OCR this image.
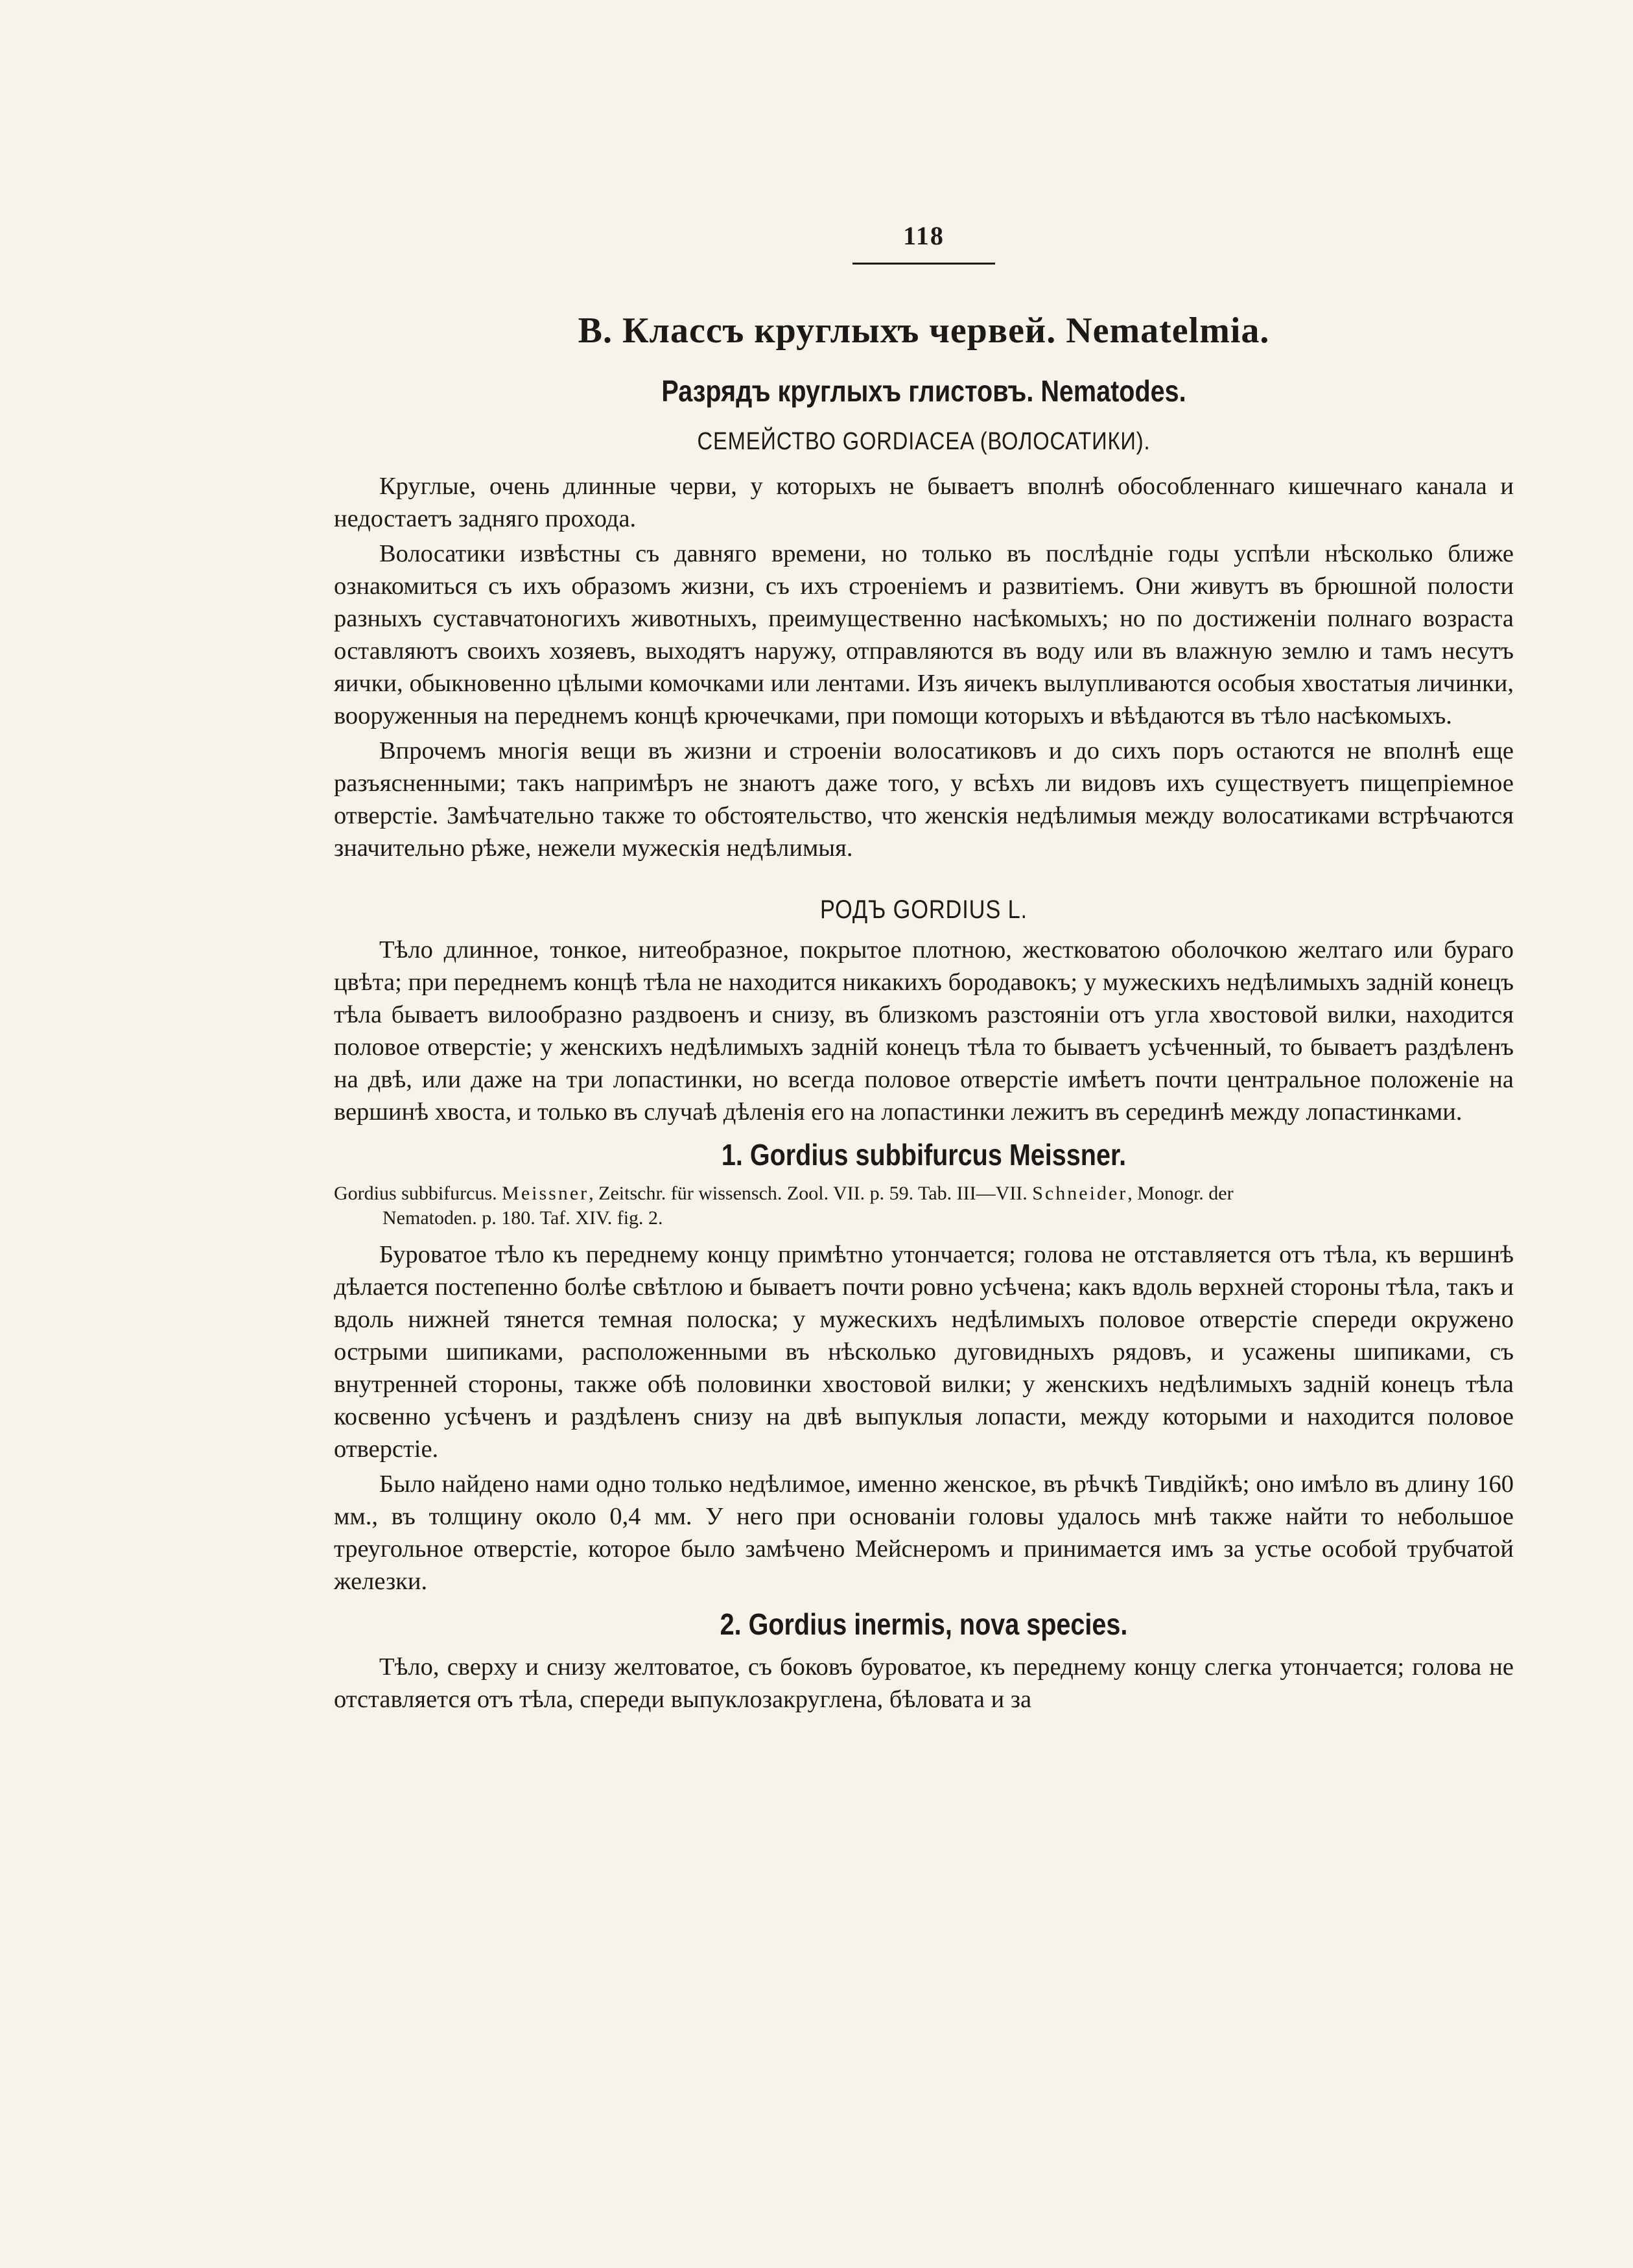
118
В. Классъ круглыхъ червей. Nematelmia.
Разрядъ круглыхъ глистовъ. Nematodes.
СЕМЕЙСТВО GORDIACEA (ВОЛОСАТИКИ).

Круглые, очень длинные черви, у которыхъ не бываетъ вполнѣ обособленнаго кишечнаго канала и недостаетъ задняго прохода.

Волосатики извѣстны съ давняго времени, но только въ послѣдніе годы успѣли нѣсколько ближе ознакомиться съ ихъ образомъ жизни, съ ихъ строеніемъ и развитіемъ. Они живутъ въ брюшной полости разныхъ суставчатоногихъ животныхъ, преимущественно насѣкомыхъ; но по достиженіи полнаго возраста оставляютъ своихъ хозяевъ, выходятъ наружу, отправляются въ воду или въ влажную землю и тамъ несутъ яички, обыкновенно цѣлыми комочками или лентами. Изъ яичекъ вылупливаются особыя хвостатыя личинки, вооруженныя на переднемъ концѣ крючечками, при помощи которыхъ и вѣѣдаются въ тѣло насѣкомыхъ.

Впрочемъ многія вещи въ жизни и строеніи волосатиковъ и до сихъ поръ остаются не вполнѣ еще разъясненными; такъ напримѣръ не знаютъ даже того, у всѣхъ ли видовъ ихъ существуетъ пищепріемное отверстіе. Замѣчательно также то обстоятельство, что женскія недѣлимыя между волосатиками встрѣчаются значительно рѣже, нежели мужескія недѣлимыя.

РОДЪ GORDIUS L.

Тѣло длинное, тонкое, нитеобразное, покрытое плотною, жестковатою оболочкою желтаго или бураго цвѣта; при переднемъ концѣ тѣла не находится никакихъ бородавокъ; у мужескихъ недѣлимыхъ задній конецъ тѣла бываетъ вилообразно раздвоенъ и снизу, въ близкомъ разстояніи отъ угла хвостовой вилки, находится половое отверстіе; у женскихъ недѣлимыхъ задній конецъ тѣла то бываетъ усѣченный, то бываетъ раздѣленъ на двѣ, или даже на три лопастинки, но всегда половое отверстіе имѣетъ почти центральное положеніе на вершинѣ хвоста, и только въ случаѣ дѣленія его на лопастинки лежитъ въ серединѣ между лопастинками.

1. Gordius subbifurcus Meissner.
Gordius subbifurcus. Meissner, Zeitschr. für wissensch. Zool. VII. p. 59. Tab. III—VII. Schneider, Monogr. der
Nematoden. p. 180. Taf. XIV. fig. 2.

Буроватое тѣло къ переднему концу примѣтно утончается; голова не отставляется отъ тѣла, къ вершинѣ дѣлается постепенно болѣе свѣтлою и бываетъ почти ровно усѣчена; какъ вдоль верхней стороны тѣла, такъ и вдоль нижней тянется темная полоска; у мужескихъ недѣлимыхъ половое отверстіе спереди окружено острыми шипиками, расположенными въ нѣсколько дуговидныхъ рядовъ, и усажены шипиками, съ внутренней стороны, также обѣ половинки хвостовой вилки; у женскихъ недѣлимыхъ задній конецъ тѣла косвенно усѣченъ и раздѣленъ снизу на двѣ выпуклыя лопасти, между которыми и находится половое отверстіе.

Было найдено нами одно только недѣлимое, именно женское, въ рѣчкѣ Тивдійкѣ; оно имѣло въ длину 160 мм., въ толщину около 0,4 мм. У него при основаніи головы удалось мнѣ также найти то небольшое треугольное отверстіе, которое было замѣчено Мейснеромъ и принимается имъ за устье особой трубчатой железки.

2. Gordius inermis, nova species.

Тѣло, сверху и снизу желтоватое, съ боковъ буроватое, къ переднему концу слегка утончается; голова не отставляется отъ тѣла, спереди выпуклозакруглена, бѣловата и за
